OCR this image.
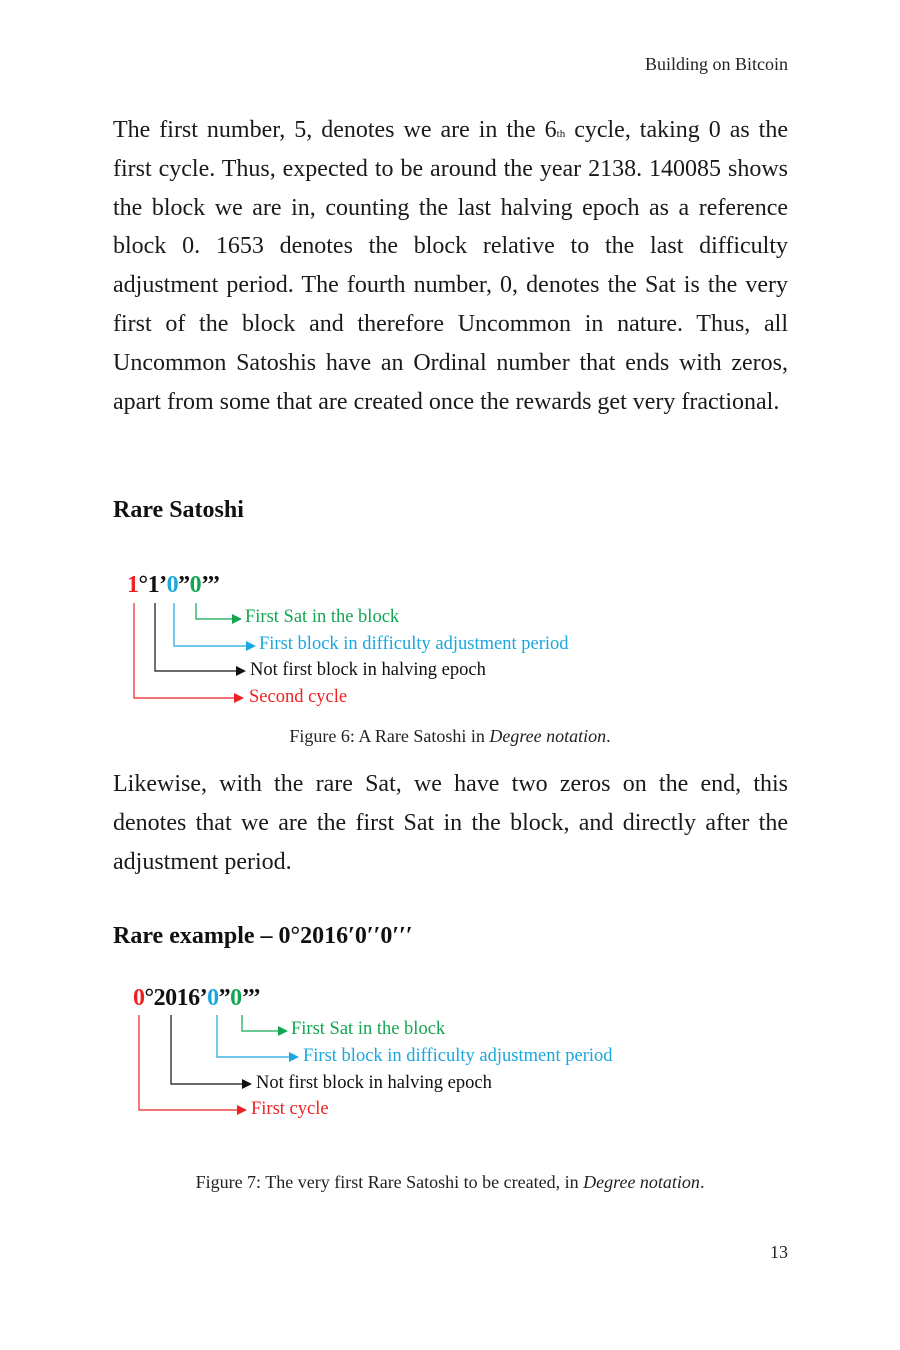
Building on Bitcoin

The first number, 5, denotes we are in the 6th cycle, taking 0 as the first cycle. Thus, expected to be around the year 2138. 140085 shows the block we are in, counting the last halving epoch as a reference block 0. 1653 denotes the block relative to the last difficulty adjustment period. The fourth number, 0, denotes the Sat is the very first of the block and therefore Uncommon in nature. Thus, all Uncommon Satoshis have an Ordinal number that ends with zeros, apart from some that are created once the rewards get very fractional.

Rare Satoshi
1°1’0”0’’’
First Sat in the block
First block in difficulty adjustment period
Not first block in halving epoch
Second cycle
Figure 6: A Rare Satoshi in Degree notation.

Likewise, with the rare Sat, we have two zeros on the end, this denotes that we are the first Sat in the block, and directly after the adjustment period.

Rare example – 0°2016′0′′0′′′
0°2016’0”0’’’
First Sat in the block
First block in difficulty adjustment period
Not first block in halving epoch
First cycle
Figure 7: The very first Rare Satoshi to be created, in Degree notation.
13
